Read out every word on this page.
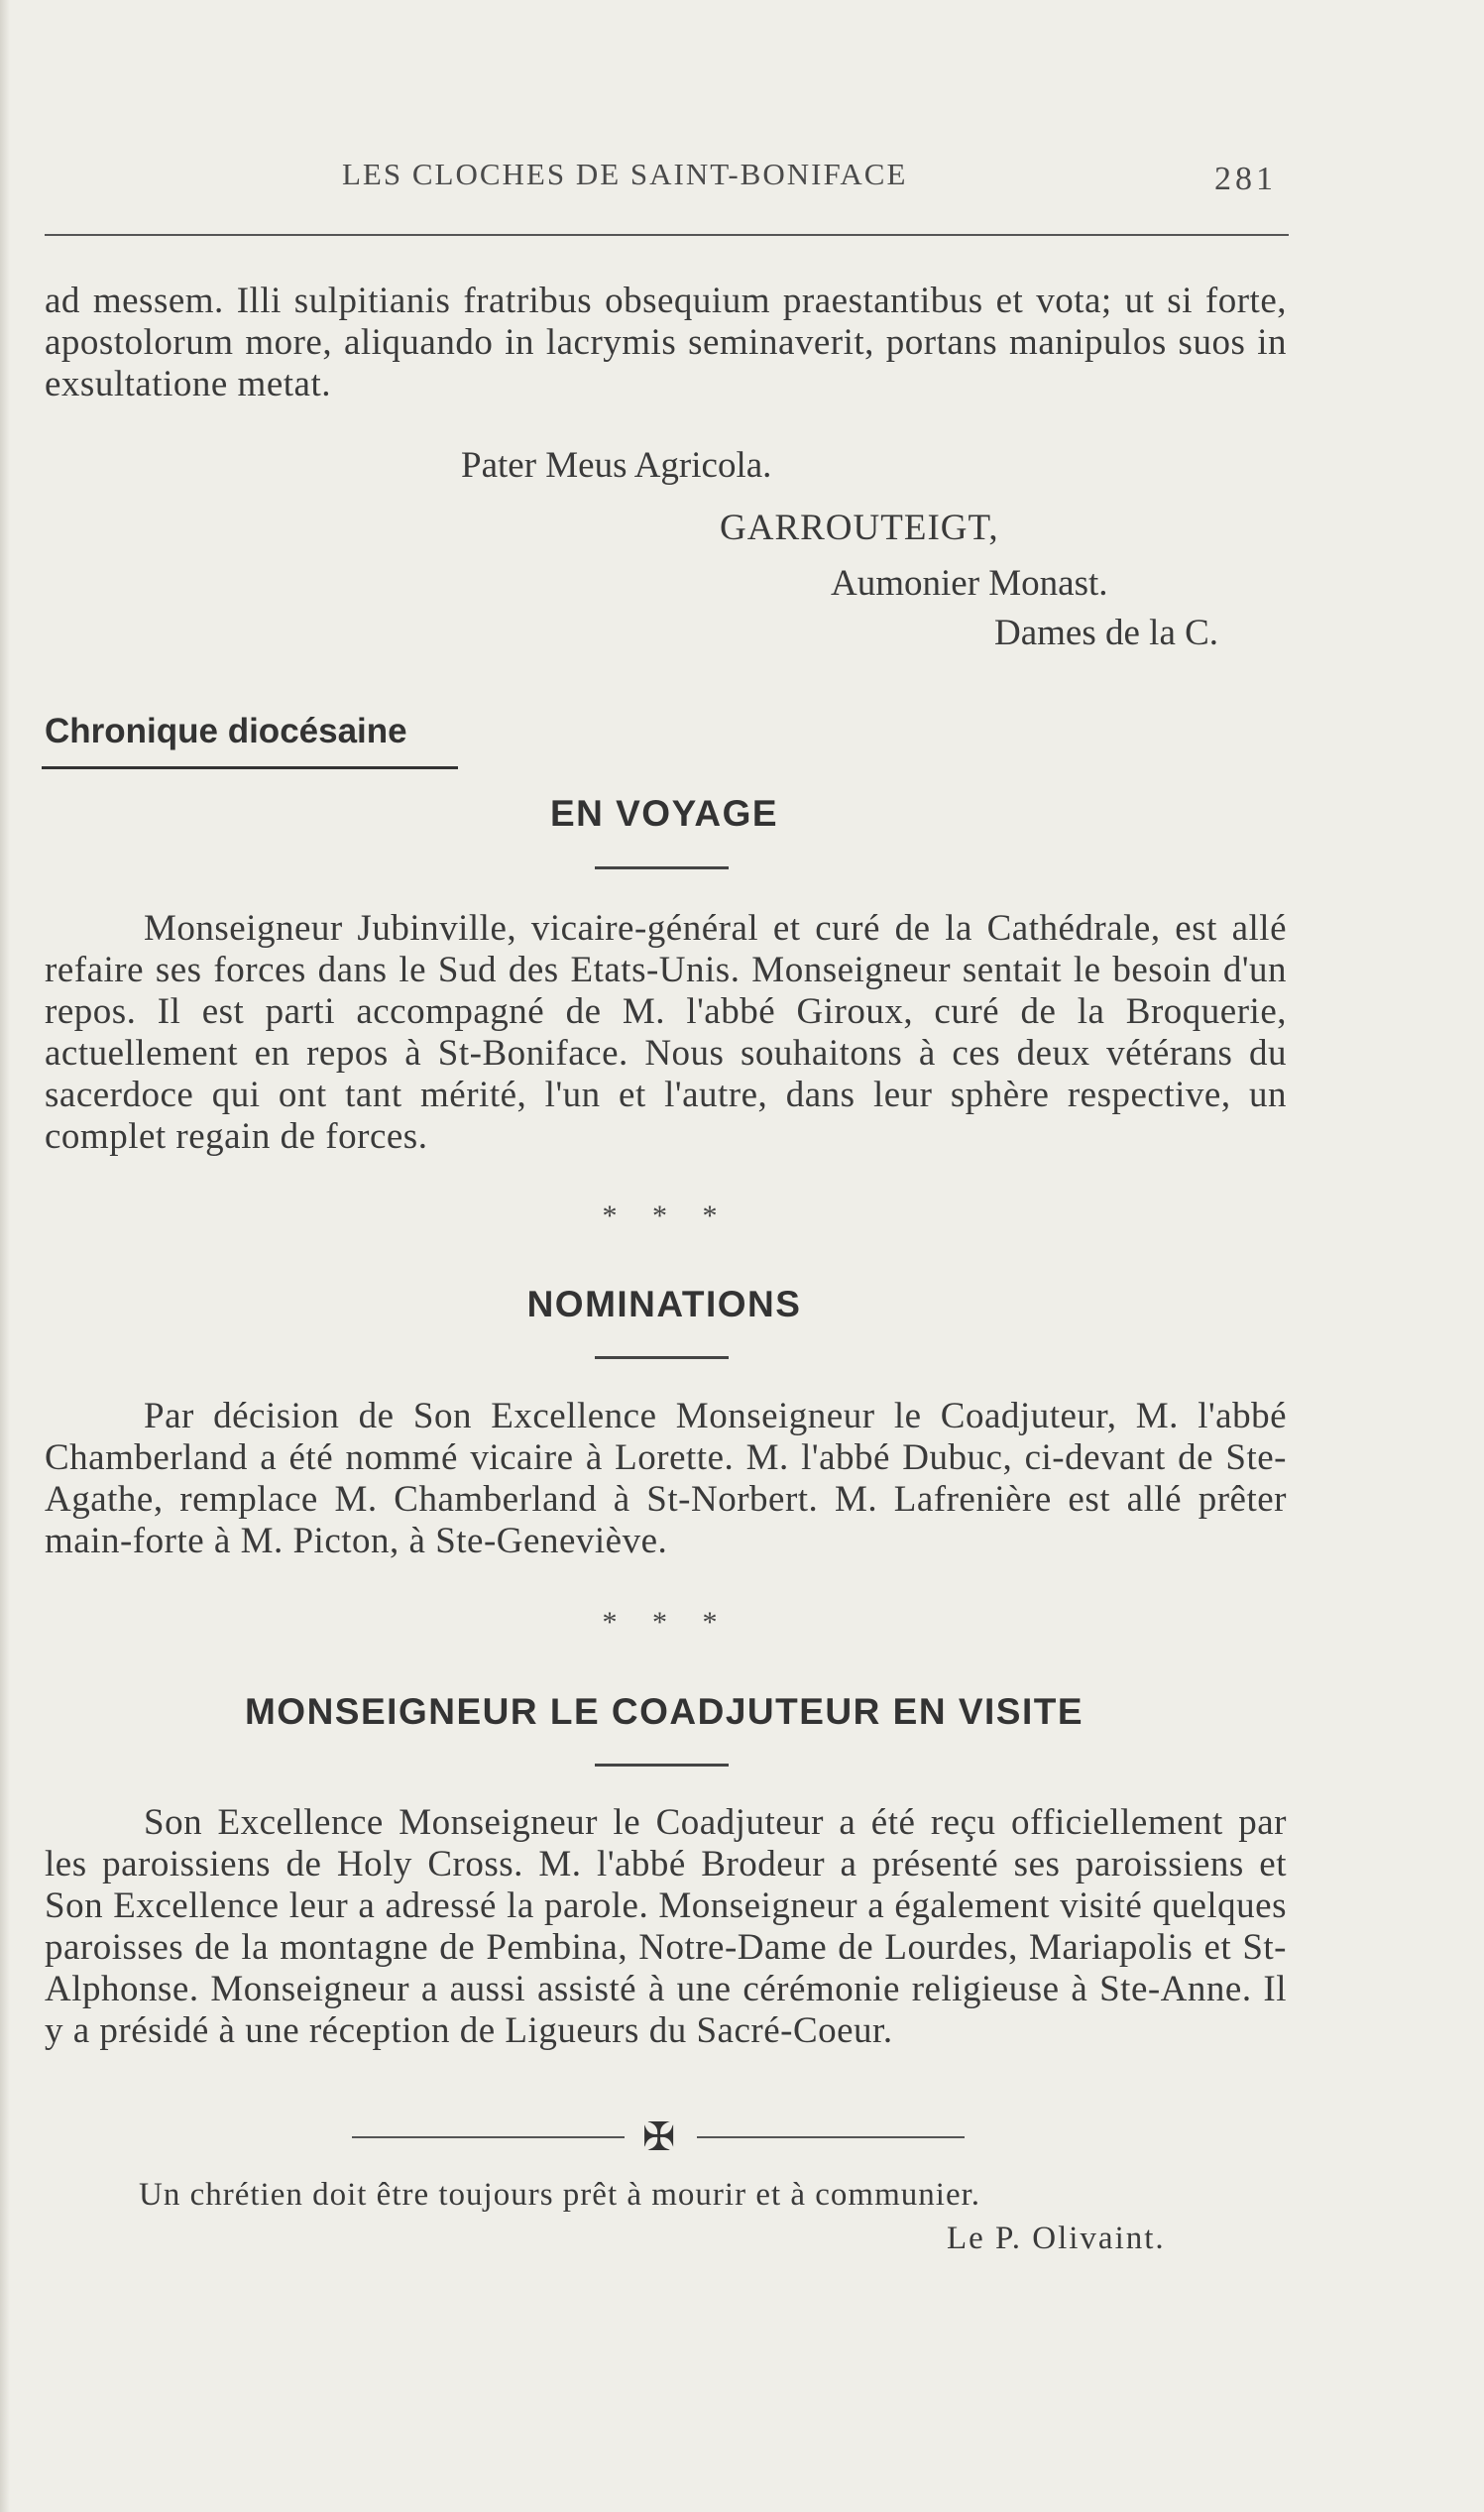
LES CLOCHES DE SAINT-BONIFACE	281
ad messem. Illi sulpitianis fratribus obsequium praestantibus et vota; ut si forte, apostolorum more, aliquando in lacrymis seminaverit, portans manipulos suos in exsultatione metat.
Pater Meus Agricola.
GARROUTEIGT,
Aumonier Monast.
Dames de la C.
Chronique diocésaine
EN VOYAGE
Monseigneur Jubinville, vicaire-général et curé de la Cathédrale, est allé refaire ses forces dans le Sud des Etats-Unis. Monseigneur sentait le besoin d'un repos. Il est parti accompagné de M. l'abbé Giroux, curé de la Broquerie, actuellement en repos à St-Boniface. Nous souhaitons à ces deux vétérans du sacerdoce qui ont tant mérité, l'un et l'autre, dans leur sphère respective, un complet regain de forces.
* * *
NOMINATIONS
Par décision de Son Excellence Monseigneur le Coadjuteur, M. l'abbé Chamberland a été nommé vicaire à Lorette. M. l'abbé Dubuc, ci-devant de Ste-Agathe, remplace M. Chamberland à St-Norbert. M. Lafrenière est allé prêter main-forte à M. Picton, à Ste-Geneviève.
* * *
MONSEIGNEUR LE COADJUTEUR EN VISITE
Son Excellence Monseigneur le Coadjuteur a été reçu officiellement par les paroissiens de Holy Cross. M. l'abbé Brodeur a présenté ses paroissiens et Son Excellence leur a adressé la parole. Monseigneur a également visité quelques paroisses de la montagne de Pembina, Notre-Dame de Lourdes, Mariapolis et St-Alphonse. Monseigneur a aussi assisté à une cérémonie religieuse à Ste-Anne. Il y a présidé à une réception de Ligueurs du Sacré-Coeur.
✠
Un chrétien doit être toujours prêt à mourir et à communier.
Le P. Olivaint.
